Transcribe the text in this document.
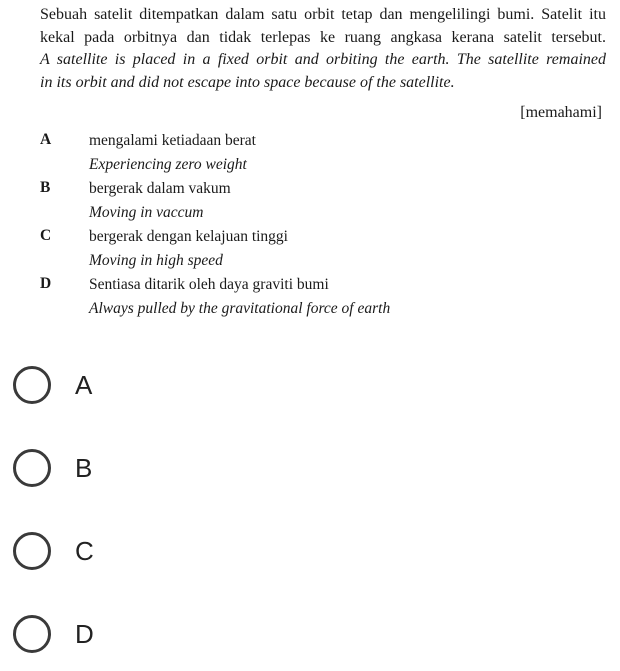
Sebuah satelit ditempatkan dalam satu orbit tetap dan mengelilingi bumi. Satelit itu
kekal pada orbitnya dan tidak terlepas ke ruang angkasa kerana satelit tersebut.
A satellite is placed in a fixed orbit and orbiting the earth. The satellite remained
in its orbit and did not escape into space because of the satellite.
[memahami]
A	mengalami ketiadaan berat
Experiencing zero weight
B	bergerak dalam vakum
Moving in vaccum
C	bergerak dengan kelajuan tinggi
Moving in high speed
D	Sentiasa ditarik oleh daya graviti bumi
Always pulled by the gravitational force of earth
A
B
C
D
